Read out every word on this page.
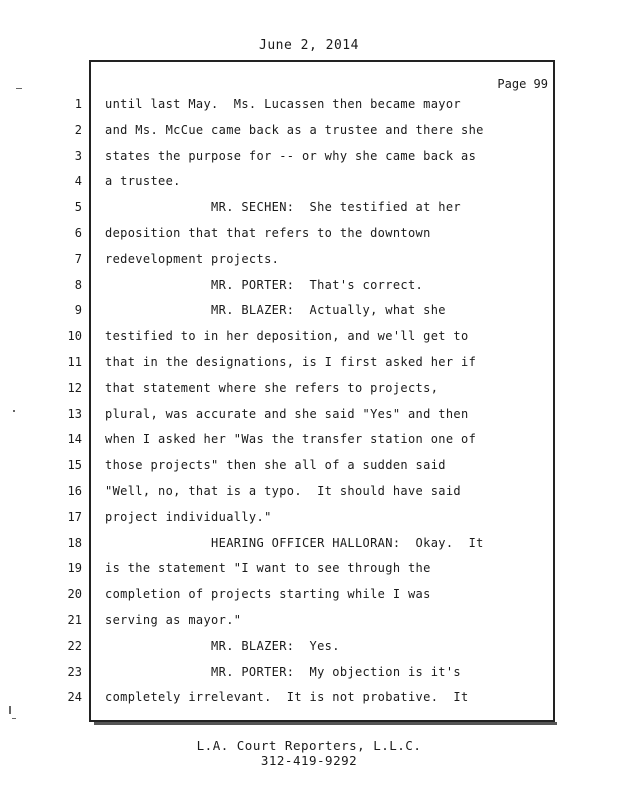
June 2, 2014
Page 99
1 until last May.  Ms. Lucassen then became mayor
2 and Ms. McCue came back as a trustee and there she
3 states the purpose for -- or why she came back as
4 a trustee.
5 MR. SECHEN:  She testified at her
6 deposition that that refers to the downtown
7 redevelopment projects.
8 MR. PORTER:  That's correct.
9 MR. BLAZER:  Actually, what she
10 testified to in her deposition, and we'll get to
11 that in the designations, is I first asked her if
12 that statement where she refers to projects,
13 plural, was accurate and she said "Yes" and then
14 when I asked her "Was the transfer station one of
15 those projects" then she all of a sudden said
16 "Well, no, that is a typo.  It should have said
17 project individually."
18 HEARING OFFICER HALLORAN:  Okay.  It
19 is the statement "I want to see through the
20 completion of projects starting while I was
21 serving as mayor."
22 MR. BLAZER:  Yes.
23 MR. PORTER:  My objection is it's
24 completely irrelevant.  It is not probative.  It
L.A. Court Reporters, L.L.C.
312-419-9292
